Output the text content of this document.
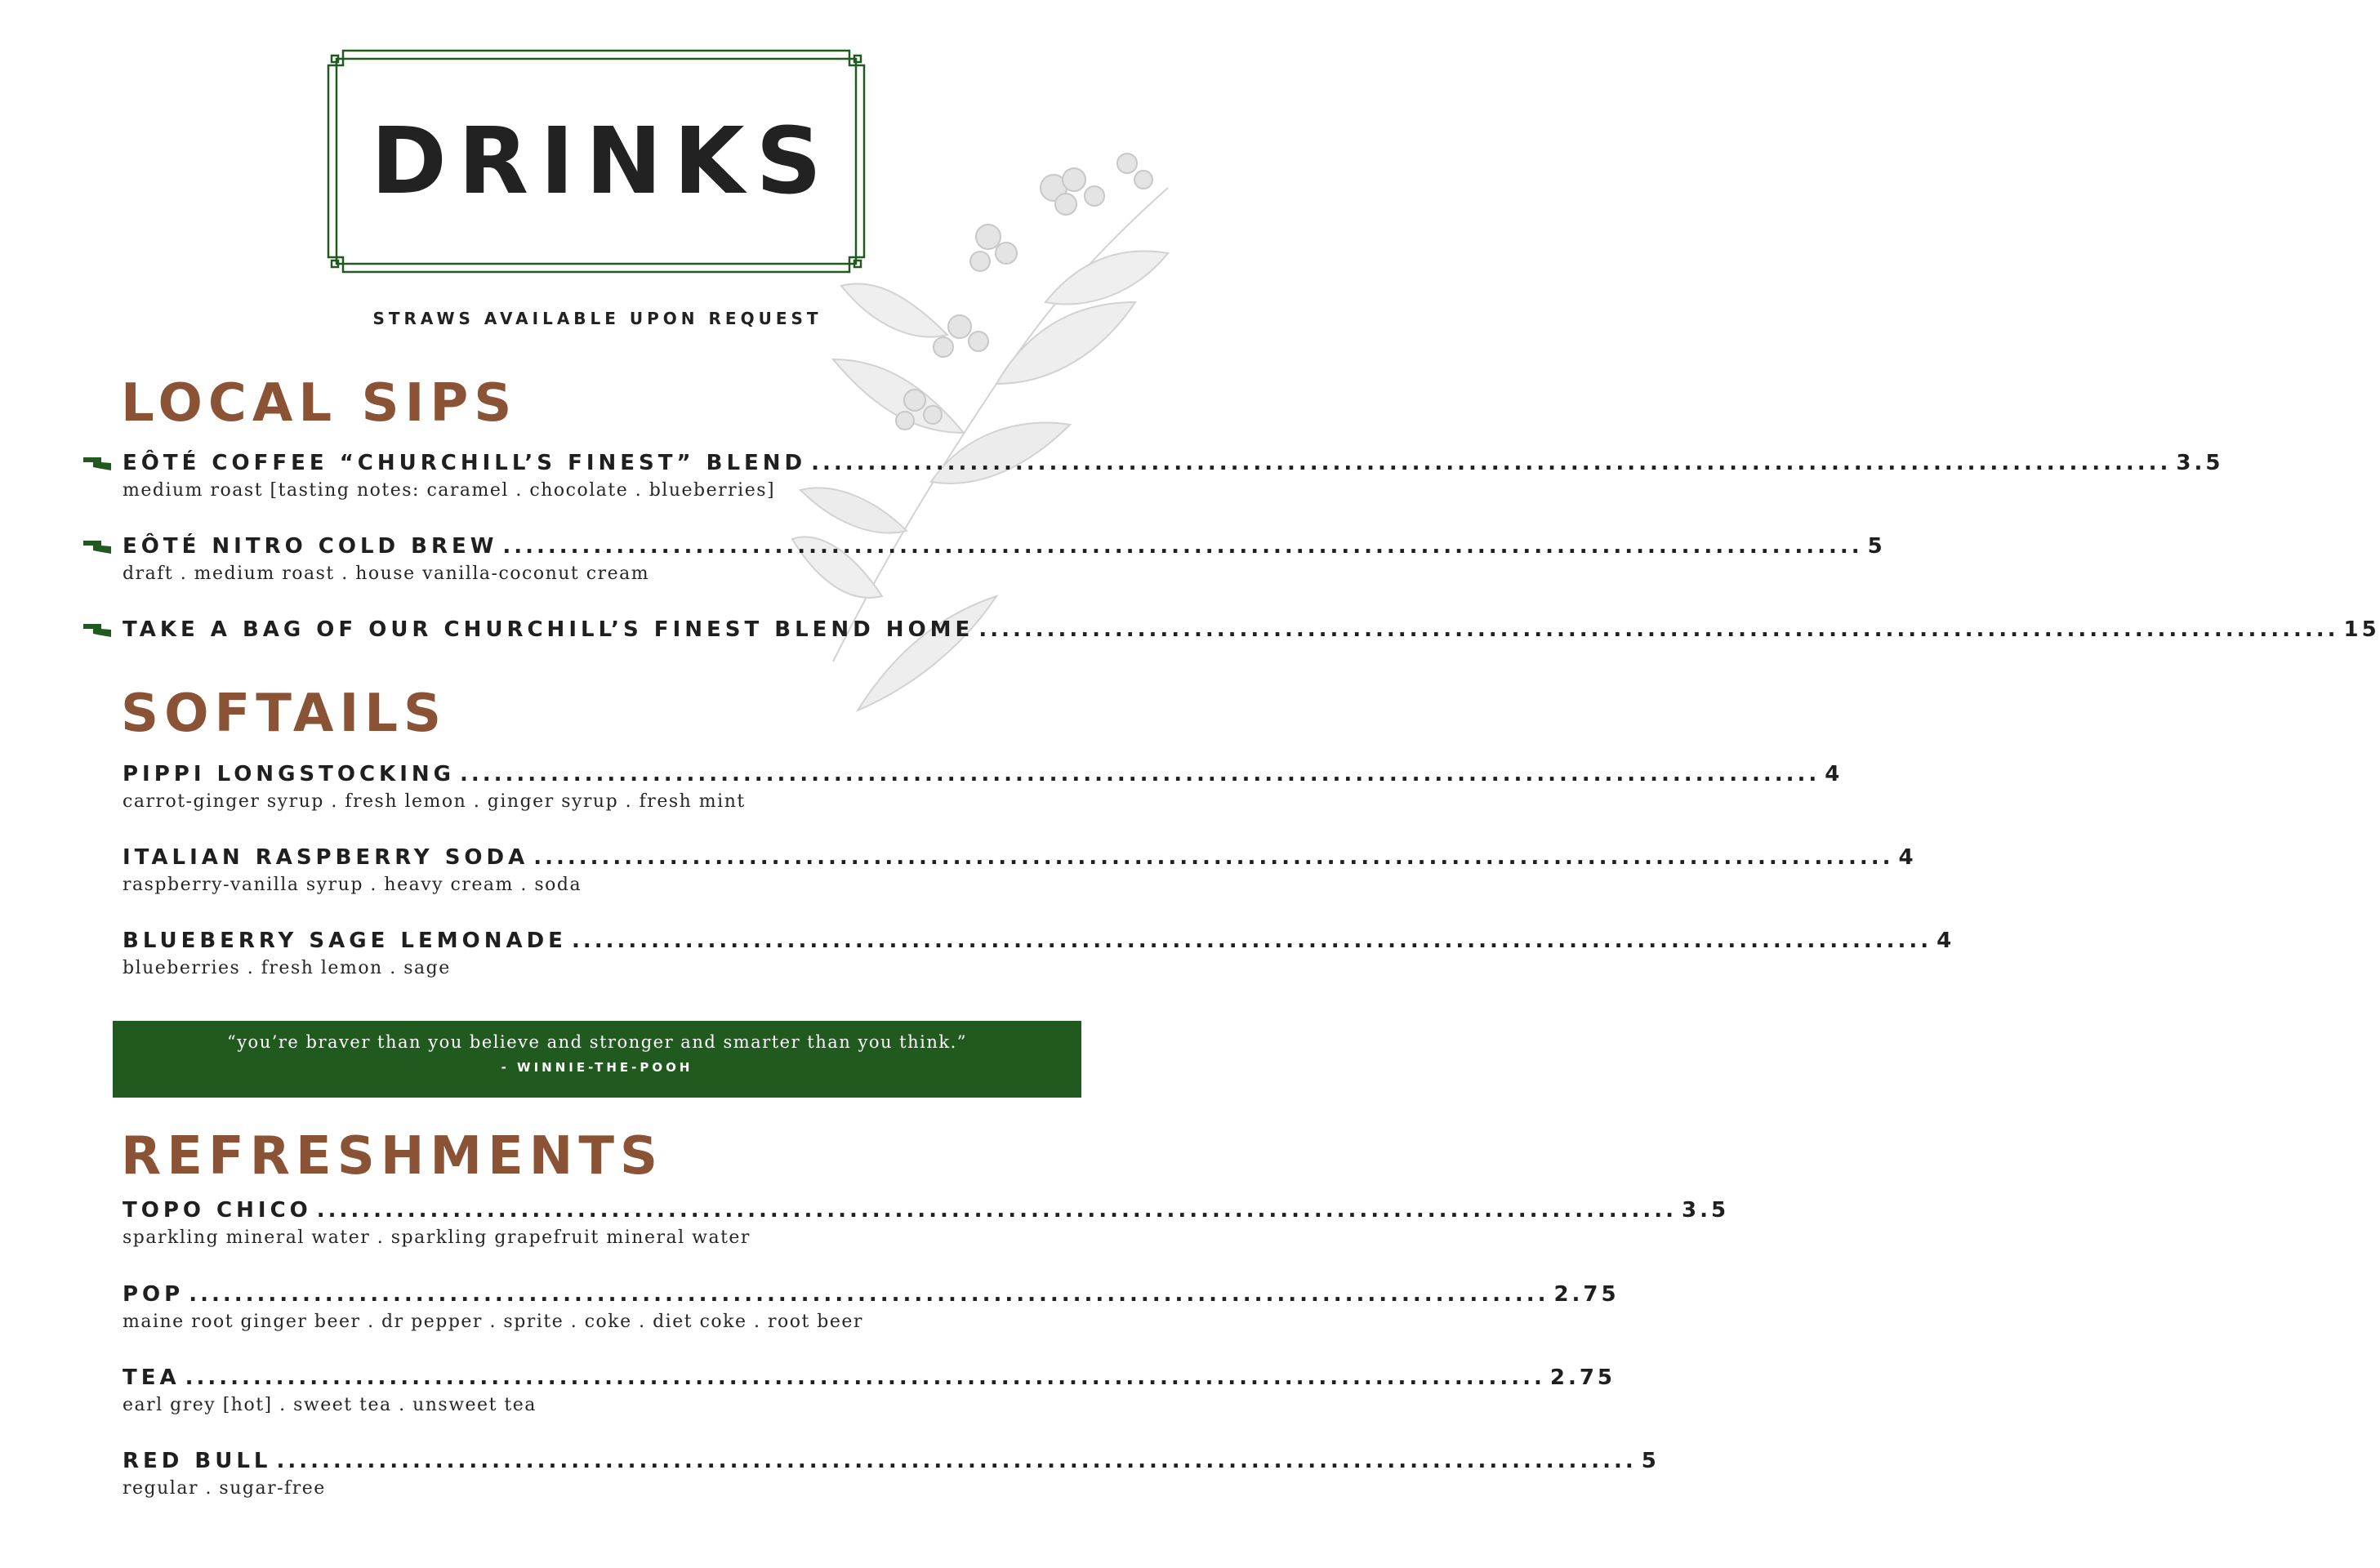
DRINKS
STRAWS AVAILABLE UPON REQUEST
LOCAL SIPS
EÔTÉ COFFEE “CHURCHILL’S FINEST” BLEND ........................................................................................................................ 3.5
medium roast [tasting notes: caramel . chocolate . blueberries]
EÔTÉ NITRO COLD BREW ........................................................................................................................ 5
draft . medium roast . house vanilla-coconut cream
TAKE A BAG OF OUR CHURCHILL’S FINEST BLEND HOME ........................................................................................................................ 15
SOFTAILS
PIPPI LONGSTOCKING ........................................................................................................................ 4
carrot-ginger syrup . fresh lemon . ginger syrup . fresh mint
ITALIAN RASPBERRY SODA ........................................................................................................................ 4
raspberry-vanilla syrup . heavy cream . soda
BLUEBERRY SAGE LEMONADE ........................................................................................................................ 4
blueberries . fresh lemon . sage
“you’re braver than you believe and stronger and smarter than you think.”
- WINNIE-THE-POOH
REFRESHMENTS
TOPO CHICO ........................................................................................................................ 3.5
sparkling mineral water . sparkling grapefruit mineral water
POP ........................................................................................................................ 2.75
maine root ginger beer . dr pepper . sprite . coke . diet coke . root beer
TEA ........................................................................................................................ 2.75
earl grey [hot] . sweet tea . unsweet tea
RED BULL ........................................................................................................................ 5
regular . sugar-free
